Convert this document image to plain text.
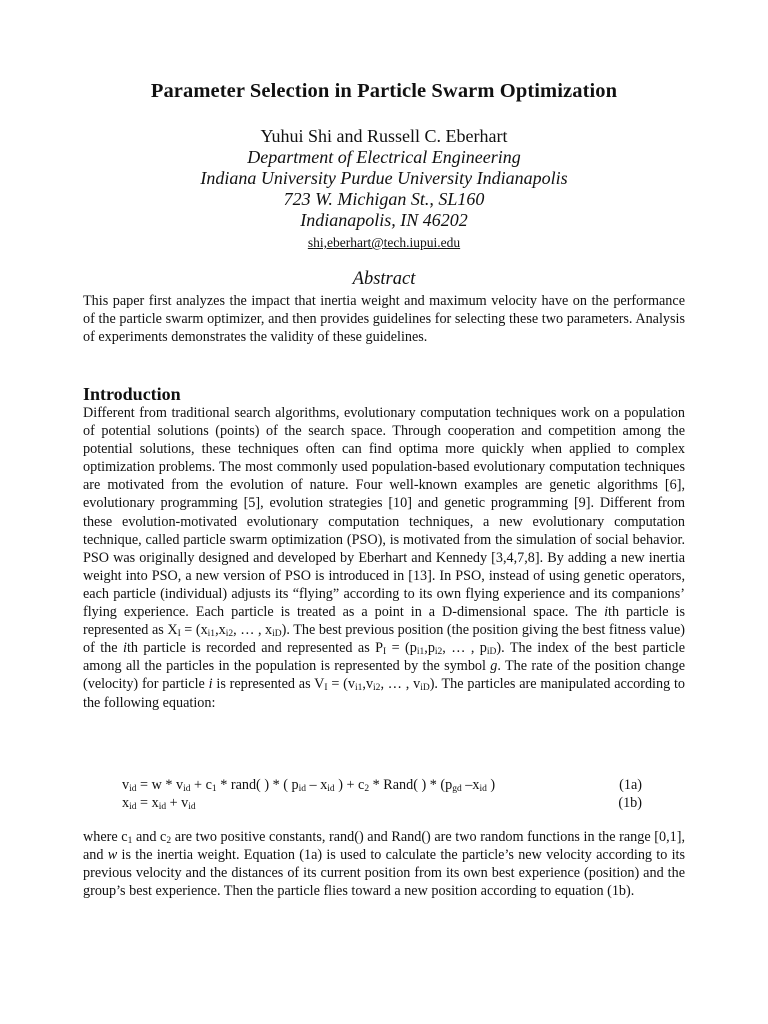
Parameter Selection in Particle Swarm Optimization
Yuhui Shi and Russell C. Eberhart
Department of Electrical Engineering
Indiana University Purdue University Indianapolis
723 W. Michigan St., SL160
Indianapolis, IN 46202
shi,eberhart@tech.iupui.edu
Abstract

This paper first analyzes the impact that inertia weight and maximum velocity have on the performance of the particle swarm optimizer, and then provides guidelines for selecting these two parameters. Analysis of experiments demonstrates the validity of these guidelines.

Introduction

Different from traditional search algorithms, evolutionary computation techniques work on a population of potential solutions (points) of the search space. Through cooperation and competition among the potential solutions, these techniques often can find optima more quickly when applied to complex optimization problems. The most commonly used population-based evolutionary computation techniques are motivated from the evolution of nature. Four well-known examples are genetic algorithms [6], evolutionary programming [5], evolution strategies [10] and genetic programming [9]. Different from these evolution-motivated evolutionary computation techniques, a new evolutionary computation technique, called particle swarm optimization (PSO), is motivated from the simulation of social behavior. PSO was originally designed and developed by Eberhart and Kennedy [3,4,7,8]. By adding a new inertia weight into PSO, a new version of PSO is introduced in [13]. In PSO, instead of using genetic operators, each particle (individual) adjusts its “flying” according to its own flying experience and its companions’ flying experience. Each particle is treated as a point in a D-dimensional space. The ith particle is represented as $X_I = (x_{i1},x_{i2}$, … , $x_{iD}$). The best previous position (the position giving the best fitness value) of the ith particle is recorded and represented as $P_I = (p_{i1},p_{i2}$, … , $p_{iD}$). The index of the best particle among all the particles in the population is represented by the symbol g. The rate of the position change (velocity) for particle i is represented as $V_I = (v_{i1},v_{i2}$, … , $v_{iD}$). The particles are manipulated according to the following equation:

$v_{id} = w * v_{id} + c_1$ * rand( ) * ( $p_{id} - x_{id}$ ) + $c_2$ * Rand( ) * ($p_{gd}$ $-x_{id}$ )	(1a)
$x_{id} = x_{id} + v_{id}$	(1b)

where $c_1$ and $c_2$ are two positive constants, rand() and Rand() are two random functions in the range [0,1], and w is the inertia weight. Equation (1a) is used to calculate the particle’s new velocity according to its previous velocity and the distances of its current position from its own best experience (position) and the group’s best experience. Then the particle flies toward a new position according to equation (1b).
